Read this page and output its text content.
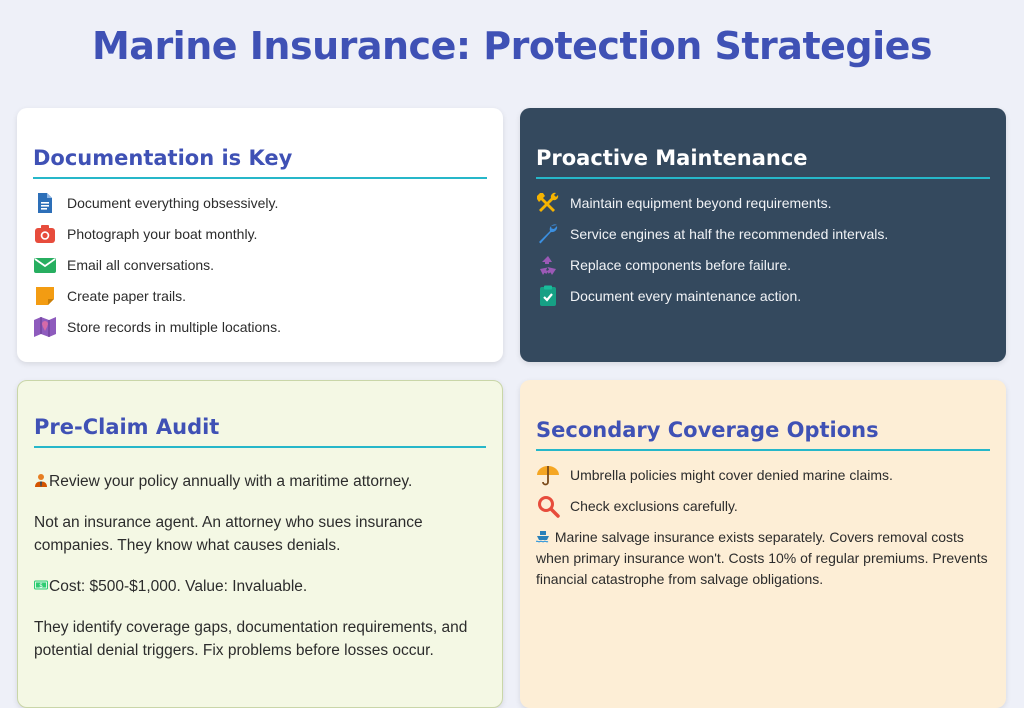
Marine Insurance: Protection Strategies
Documentation is Key
Document everything obsessively.
Photograph your boat monthly.
Email all conversations.
Create paper trails.
Store records in multiple locations.
Proactive Maintenance
Maintain equipment beyond requirements.
Service engines at half the recommended intervals.
Replace components before failure.
Document every maintenance action.
Pre-Claim Audit

Review your policy annually with a maritime attorney.

Not an insurance agent. An attorney who sues insurance companies. They know what causes denials.

$ Cost: $500-$1,000. Value: Invaluable.

They identify coverage gaps, documentation requirements, and potential denial triggers. Fix problems before losses occur.

Secondary Coverage Options
Umbrella policies might cover denied marine claims.
Check exclusions carefully.

Marine salvage insurance exists separately. Covers removal costs when primary insurance won't. Costs 10% of regular premiums. Prevents financial catastrophe from salvage obligations.
